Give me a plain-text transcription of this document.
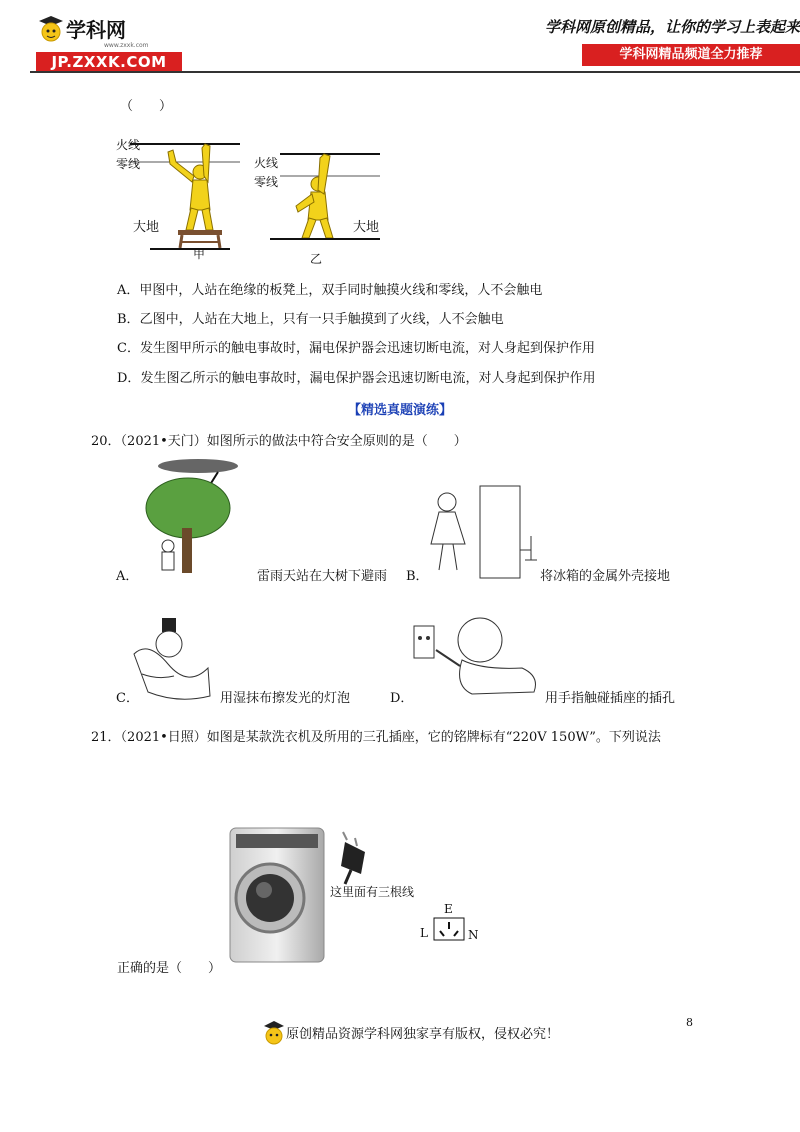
学科网
www.zxxk.com
JP.ZXXK.COM
学科网原创精品，让你的学习上表起来
学科网精品频道全力推荐
（　　）
火线
零线
大地
甲
火线
零线
大地
乙
A．甲图中，人站在绝缘的板凳上，双手同时触摸火线和零线，人不会触电
B．乙图中，人站在大地上，只有一只手触摸到了火线，人不会触电
C．发生图甲所示的触电事故时，漏电保护器会迅速切断电流，对人身起到保护作用
D．发生图乙所示的触电事故时，漏电保护器会迅速切断电流，对人身起到保护作用
【精选真题演练】
20．（2021•天门）如图所示的做法中符合安全原则的是（　　）
A．	雷雨天站在大树下避雨 B．	将冰箱的金属外壳接地
C．	用湿抹布擦发光的灯泡	D．	用手指触碰插座的插孔
21．（2021•日照）如图是某款洗衣机及所用的三孔插座，它的铭牌标有“220V 150W”。下列说法
这里面有三根线
E
L	N
正确的是（　　）
8
原创精品资源学科网独家享有版权，侵权必究！
